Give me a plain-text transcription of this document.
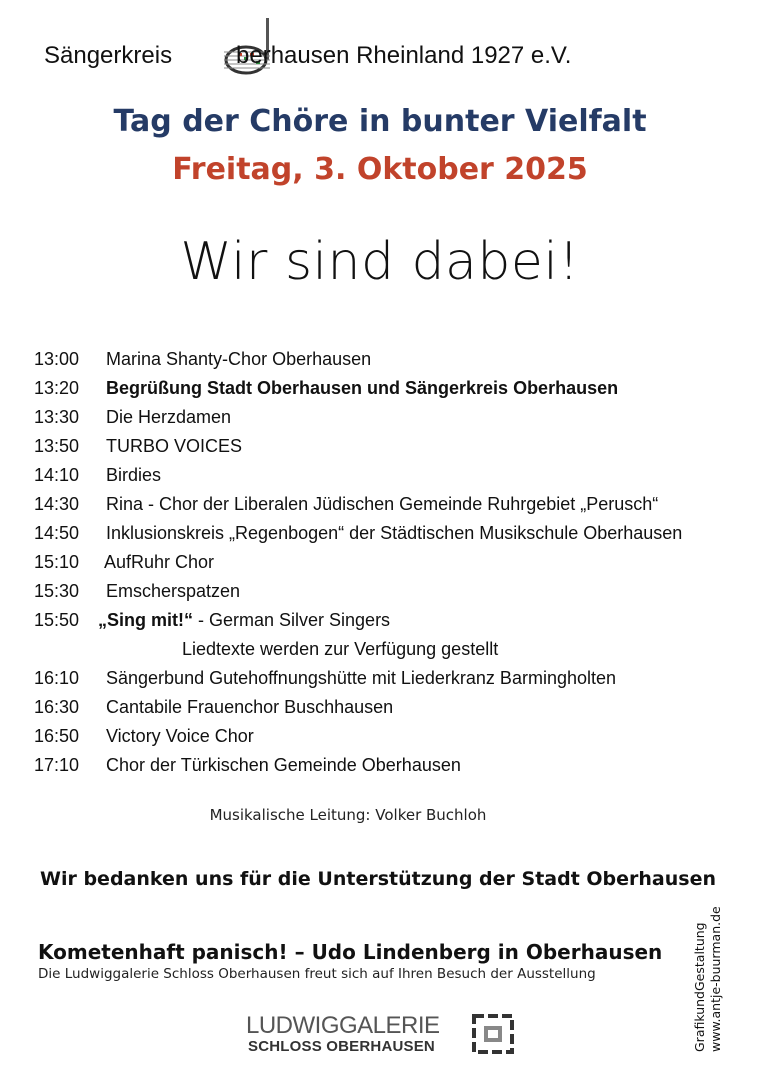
Sängerkreis	berhausen Rheinland 1927 e.V.
Tag der Chöre in bunter Vielfalt
Freitag, 3. Oktober 2025
Wir sind dabei!
13:00 Marina Shanty-Chor Oberhausen
13:20 Begrüßung Stadt Oberhausen und Sängerkreis Oberhausen
13:30 Die Herzdamen
13:50 TURBO VOICES
14:10 Birdies
14:30 Rina - Chor der Liberalen Jüdischen Gemeinde Ruhrgebiet „Perusch“
14:50 Inklusionskreis „Regenbogen“ der Städtischen Musikschule Oberhausen
15:10 AufRuhr Chor
15:30 Emscherspatzen
15:50 „Sing mit!“ - German Silver Singers
Liedtexte werden zur Verfügung gestellt
16:10 Sängerbund Gutehoffnungshütte mit Liederkranz Barmingholten
16:30 Cantabile Frauenchor Buschhausen
16:50 Victory Voice Chor
17:10 Chor der Türkischen Gemeinde Oberhausen
Musikalische Leitung: Volker Buchloh
Wir bedanken uns für die Unterstützung der Stadt Oberhausen
Kometenhaft panisch! – Udo Lindenberg in Oberhausen
Die Ludwiggalerie Schloss Oberhausen freut sich auf Ihren Besuch der Ausstellung
LUDWIGGALERIE
SCHLOSS OBERHAUSEN	GrafikundGestaltung www.antje-buurman.de
